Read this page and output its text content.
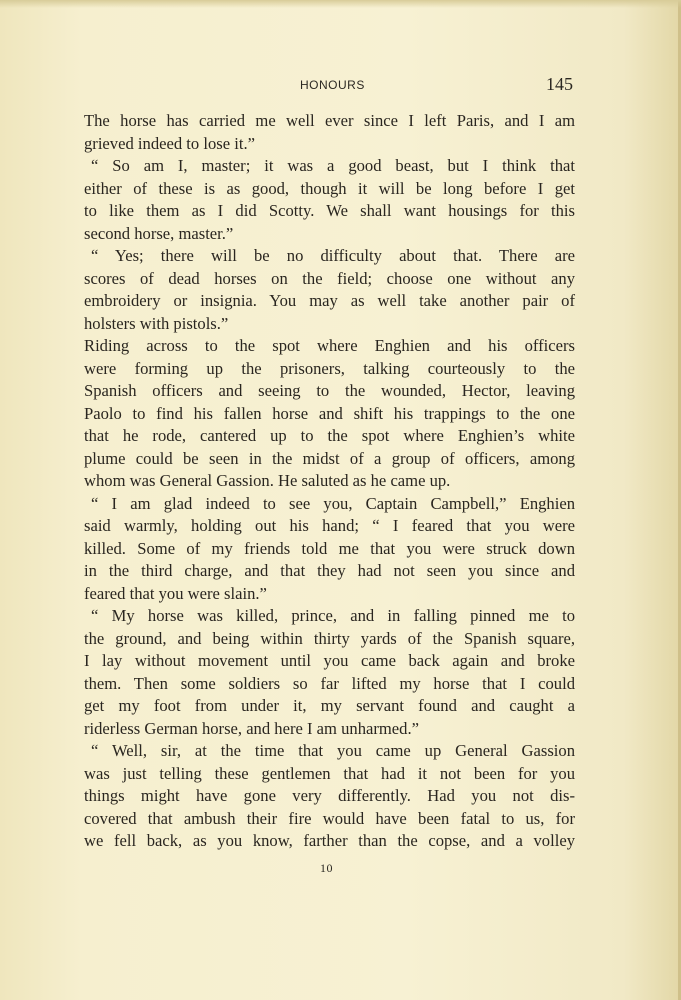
HONOURS	145
The horse has carried me well ever since I left Paris, and I am
grieved indeed to lose it.”
“ So am I, master; it was a good beast, but I think that
either of these is as good, though it will be long before I get
to like them as I did Scotty. We shall want housings for this
second horse, master.”
“ Yes; there will be no difficulty about that. There are
scores of dead horses on the field; choose one without any
embroidery or insignia. You may as well take another pair of
holsters with pistols.”
Riding across to the spot where Enghien and his officers
were forming up the prisoners, talking courteously to the
Spanish officers and seeing to the wounded, Hector, leaving
Paolo to find his fallen horse and shift his trappings to the one
that he rode, cantered up to the spot where Enghien’s white
plume could be seen in the midst of a group of officers, among
whom was General Gassion. He saluted as he came up.
“ I am glad indeed to see you, Captain Campbell,” Enghien
said warmly, holding out his hand; “ I feared that you were
killed. Some of my friends told me that you were struck down
in the third charge, and that they had not seen you since and
feared that you were slain.”
“ My horse was killed, prince, and in falling pinned me to
the ground, and being within thirty yards of the Spanish square,
I lay without movement until you came back again and broke
them. Then some soldiers so far lifted my horse that I could
get my foot from under it, my servant found and caught a
riderless German horse, and here I am unharmed.”
“ Well, sir, at the time that you came up General Gassion
was just telling these gentlemen that had it not been for you
things might have gone very differently. Had you not dis-
covered that ambush their fire would have been fatal to us, for
we fell back, as you know, farther than the copse, and a volley
10
